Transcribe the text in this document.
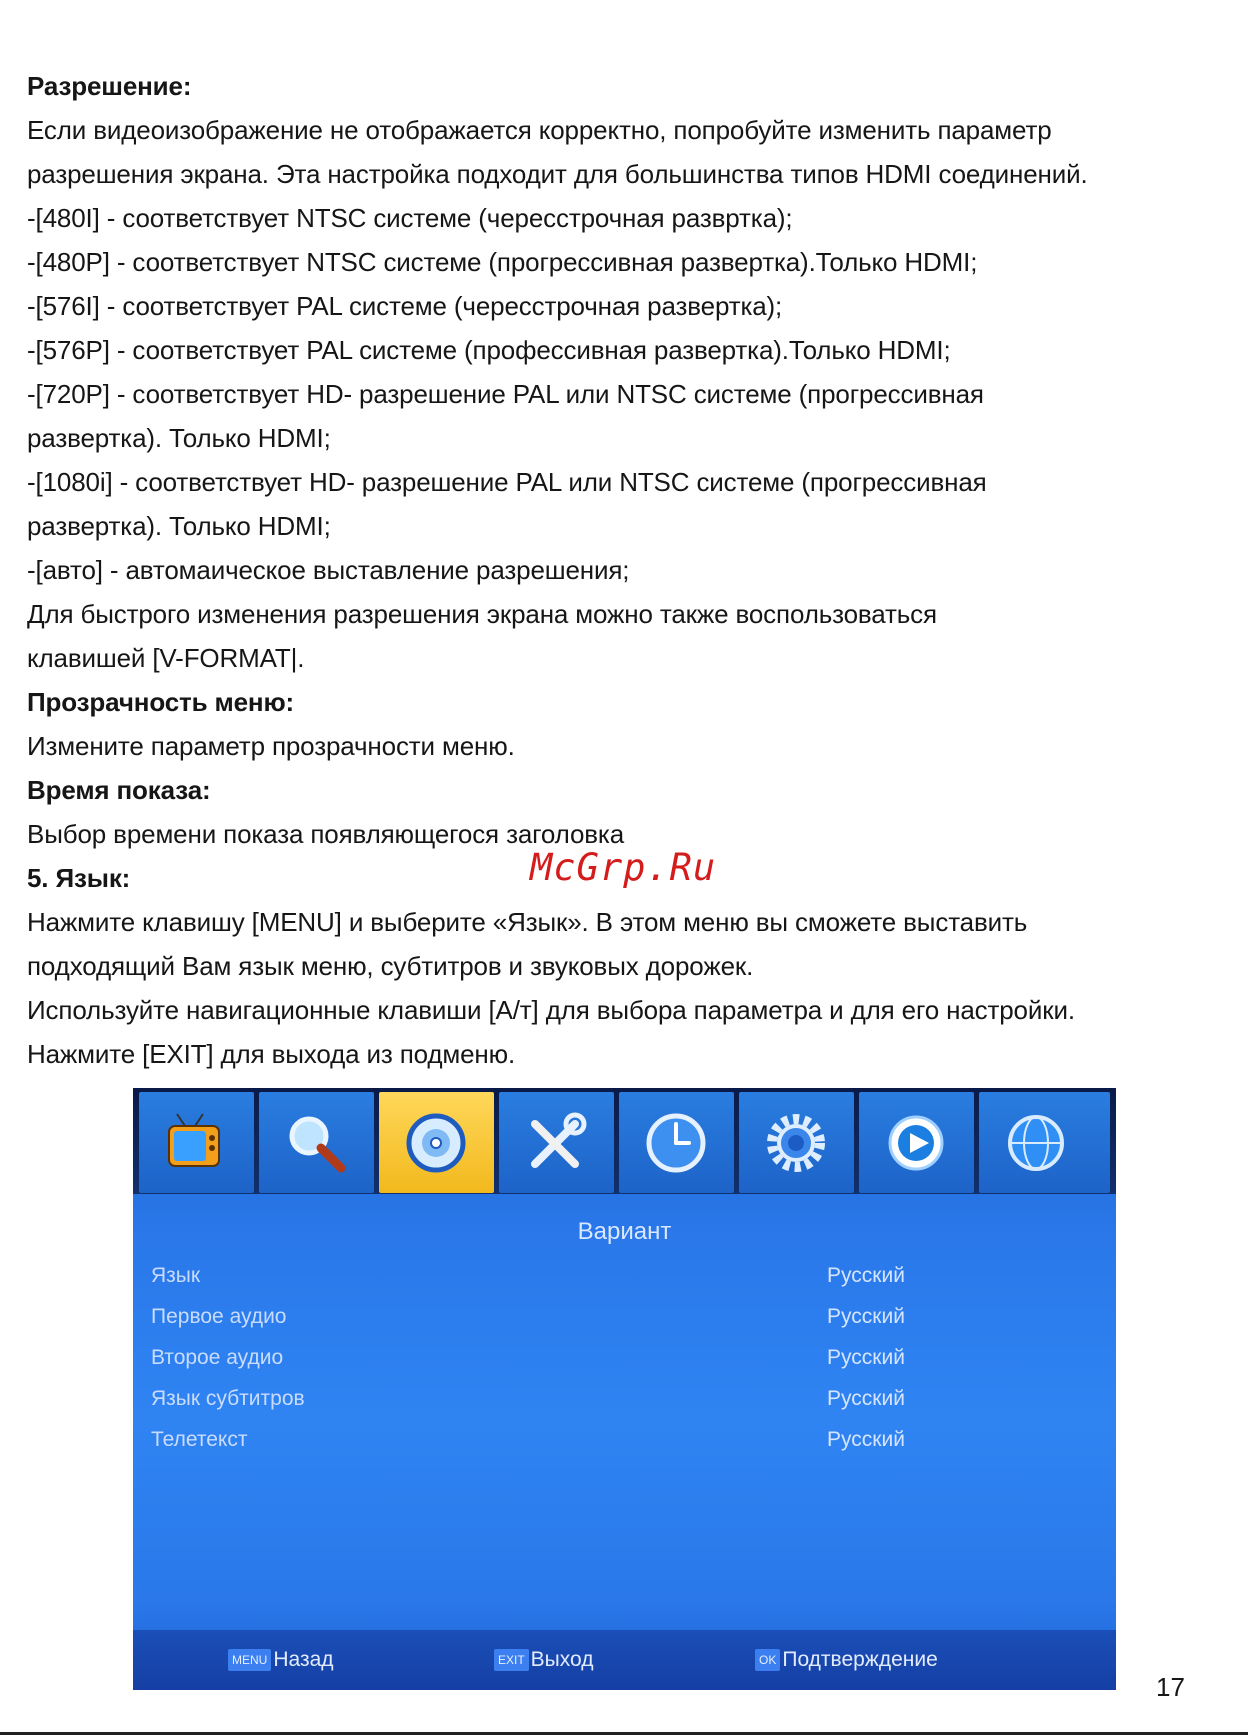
Разрешение:
Если видеоизображение не отображается корректно, попробуйте изменить параметр
разрешения экрана. Эта настройка подходит для большинства типов HDMI соединений.
-[480I] - соответствует NTSC системе (чересстрочная развртка);
-[480P] - соответствует NTSC системе (прогрессивная развертка).Только HDMI;
-[576I] - соответствует PAL системе (чересстрочная развертка);
-[576P] - соответствует PAL системе (профессивная развертка).Только HDMI;
-[720P] - соответствует HD- разрешение PAL или NTSC системе (прогрессивная
развертка). Только HDMI;
-[1080i] - соответствует HD- разрешение PAL или NTSC системе (прогрессивная
развертка). Только HDMI;
-[авто] - автомаическое выставление разрешения;
Для быстрого изменения разрешения экрана можно также воспользоваться
клавишей [V-FORMAT|.
Прозрачность меню:
Измените параметр прозрачности меню.
Время показа:
Выбор времени показа появляющегося заголовка
5. Язык:
Нажмите клавишу [MENU] и выберите «Язык». В этом меню вы сможете выставить
подходящий Вам язык меню, субтитров и звуковых дорожек.
Используйте навигационные клавиши [А/т] для выбора параметра и для его настройки.
Нажмите [EXIT] для выхода из подменю.
McGrp.Ru
Вариант
Язык	Русский
Первое аудио	Русский
Второе аудио	Русский
Язык субтитров	Русский
Телетекст	Русский
MENU Назад	EXIT Выход	OK Подтверждение
17
